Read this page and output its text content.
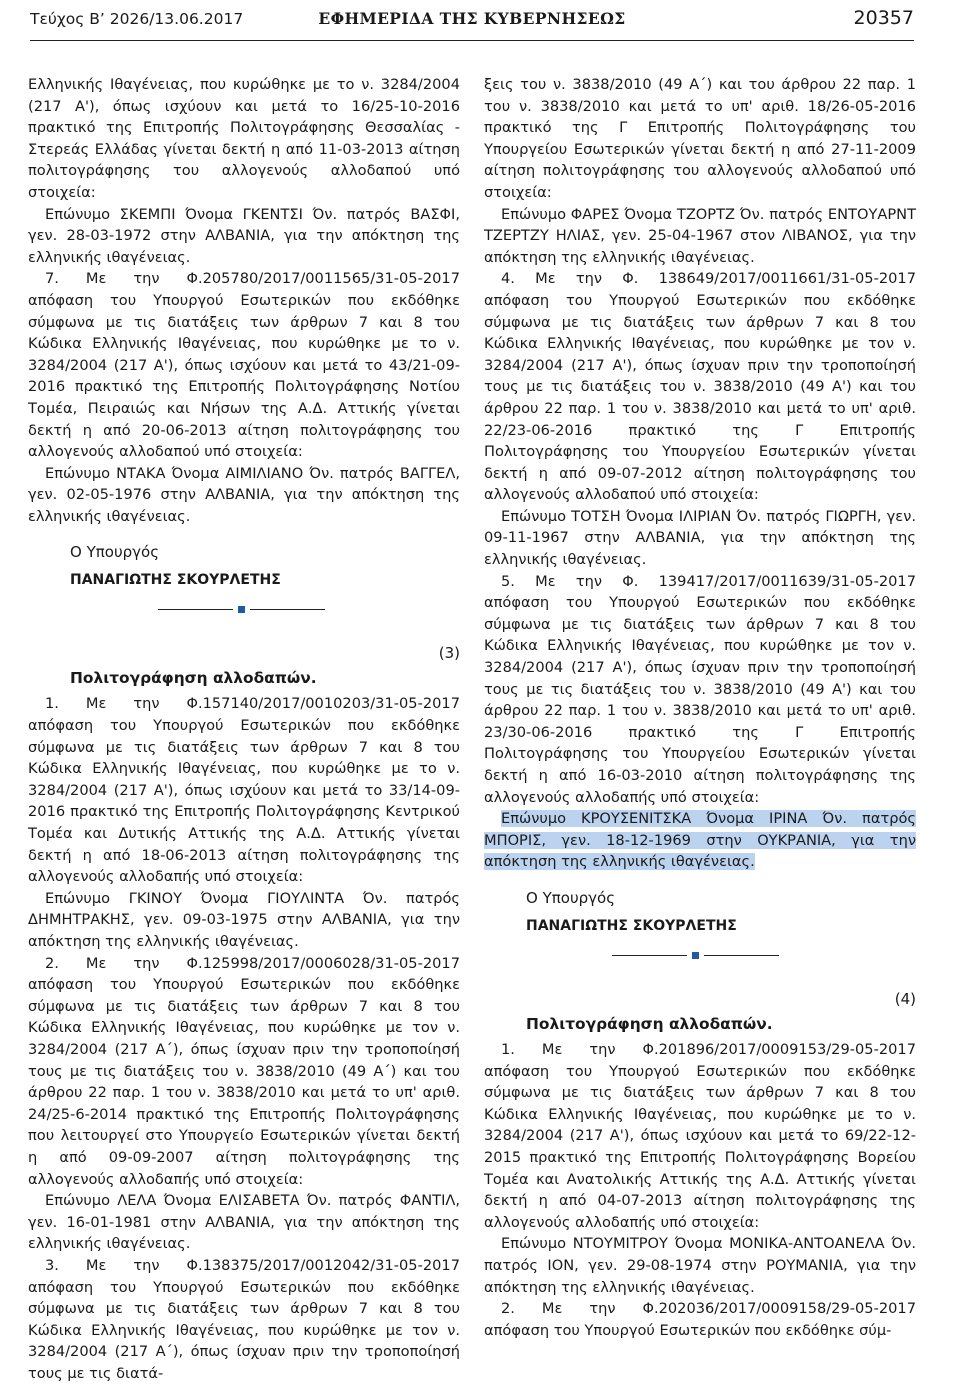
Τεύχος Β’ 2026/13.06.2017	ΕΦΗΜΕΡΙΔΑ ΤΗΣ ΚΥΒΕΡΝΗΣΕΩΣ	20357

Ελληνικής Ιθαγένειας, που κυρώθηκε με το ν. 3284/2004 (217 Α'), όπως ισχύουν και μετά το 16/25-10-2016 πρακτικό της Επιτροπής Πολιτογράφησης Θεσσαλίας - Στερεάς Ελλάδας γίνεται δεκτή η από 11-03-2013 αίτηση πολιτογράφησης του αλλογενούς αλλοδαπού υπό στοιχεία:

Επώνυμο ΣΚΕΜΠΙ Όνομα ΓΚΕΝΤΣΙ Όν. πατρός ΒΑΣΦΙ, γεν. 28-03-1972 στην ΑΛΒΑΝΙΑ, για την απόκτηση της ελληνικής ιθαγένειας.

7. Με την Φ.205780/2017/0011565/31-05-2017 απόφαση του Υπουργού Εσωτερικών που εκδόθηκε σύμφωνα με τις διατάξεις των άρθρων 7 και 8 του Κώδικα Ελληνικής Ιθαγένειας, που κυρώθηκε με το ν. 3284/2004 (217 Α'), όπως ισχύουν και μετά το 43/21-09-2016 πρακτικό της Επιτροπής Πολιτογράφησης Νοτίου Τομέα, Πειραιώς και Νήσων της Α.Δ. Αττικής γίνεται δεκτή η από 20-06-2013 αίτηση πολιτογράφησης του αλλογενούς αλλοδαπού υπό στοιχεία:

Επώνυμο ΝΤΑΚΑ Όνομα ΑΙΜΙΛΙΑΝΟ Όν. πατρός ΒΑΓΓΕΛ, γεν. 02-05-1976 στην ΑΛΒΑΝΙΑ, για την απόκτηση της ελληνικής ιθαγένειας.

Ο Υπουργός
ΠΑΝΑΓΙΩΤΗΣ ΣΚΟΥΡΛΕΤΗΣ
(3)
Πολιτογράφηση αλλοδαπών.

1. Με την Φ.157140/2017/0010203/31-05-2017 απόφαση του Υπουργού Εσωτερικών που εκδόθηκε σύμφωνα με τις διατάξεις των άρθρων 7 και 8 του Κώδικα Ελληνικής Ιθαγένειας, που κυρώθηκε με το ν. 3284/2004 (217 Α'), όπως ισχύουν και μετά το 33/14-09-2016 πρακτικό της Επιτροπής Πολιτογράφησης Κεντρικού Τομέα και Δυτικής Αττικής της Α.Δ. Αττικής γίνεται δεκτή η από 18-06-2013 αίτηση πολιτογράφησης της αλλογενούς αλλοδαπής υπό στοιχεία:

Επώνυμο ΓΚΙΝΟΥ Όνομα ΓΙΟΥΛΙΝΤΑ Όν. πατρός ΔΗΜΗΤΡΑΚΗΣ, γεν. 09-03-1975 στην ΑΛΒΑΝΙΑ, για την απόκτηση της ελληνικής ιθαγένειας.

2. Με την Φ.125998/2017/0006028/31-05-2017 απόφαση του Υπουργού Εσωτερικών που εκδόθηκε σύμφωνα με τις διατάξεις των άρθρων 7 και 8 του Κώδικα Ελληνικής Ιθαγένειας, που κυρώθηκε με τον ν. 3284/2004 (217 Α΄), όπως ίσχυαν πριν την τροποποίησή τους με τις διατάξεις του ν. 3838/2010 (49 Α΄) και του άρθρου 22 παρ. 1 του ν. 3838/2010 και μετά το υπ' αριθ. 24/25-6-2014 πρακτικό της Επιτροπής Πολιτογράφησης που λειτουργεί στο Υπουργείο Εσωτερικών γίνεται δεκτή η από 09-09-2007 αίτηση πολιτογράφησης της αλλογενούς αλλοδαπής υπό στοιχεία:

Επώνυμο ΛΕΛΑ Όνομα ΕΛΙΣΑΒΕΤΑ Όν. πατρός ΦΑΝΤΙΛ, γεν. 16-01-1981 στην ΑΛΒΑΝΙΑ, για την απόκτηση της ελληνικής ιθαγένειας.

3. Με την Φ.138375/2017/0012042/31-05-2017 απόφαση του Υπουργού Εσωτερικών που εκδόθηκε σύμφωνα με τις διατάξεις των άρθρων 7 και 8 του Κώδικα Ελληνικής Ιθαγένειας, που κυρώθηκε με τον ν. 3284/2004 (217 Α΄), όπως ίσχυαν πριν την τροποποίησή τους με τις διατά-

ξεις του ν. 3838/2010 (49 Α΄) και του άρθρου 22 παρ. 1 του ν. 3838/2010 και μετά το υπ' αριθ. 18/26-05-2016 πρακτικό της Γ Επιτροπής Πολιτογράφησης του Υπουργείου Εσωτερικών γίνεται δεκτή η από 27-11-2009 αίτηση πολιτογράφησης του αλλογενούς αλλοδαπού υπό στοιχεία:

Επώνυμο ΦΑΡΕΣ Όνομα ΤΖΟΡΤΖ Όν. πατρός ΕΝΤΟΥΑΡΝΤ ΤΖΕΡΤΖΥ ΗΛΙΑΣ, γεν. 25-04-1967 στον ΛΙΒΑΝΟΣ, για την απόκτηση της ελληνικής ιθαγένειας.

4. Με την Φ. 138649/2017/0011661/31-05-2017 απόφαση του Υπουργού Εσωτερικών που εκδόθηκε σύμφωνα με τις διατάξεις των άρθρων 7 και 8 του Κώδικα Ελληνικής Ιθαγένειας, που κυρώθηκε με τον ν. 3284/2004 (217 Α'), όπως ίσχυαν πριν την τροποποίησή τους με τις διατάξεις του ν. 3838/2010 (49 Α') και του άρθρου 22 παρ. 1 του ν. 3838/2010 και μετά το υπ' αριθ. 22/23-06-2016 πρακτικό της Γ Επιτροπής Πολιτογράφησης του Υπουργείου Εσωτερικών γίνεται δεκτή η από 09-07-2012 αίτηση πολιτογράφησης του αλλογενούς αλλοδαπού υπό στοιχεία:

Επώνυμο ΤΟΤΣΗ Όνομα ΙΛΙΡΙΑΝ Όν. πατρός ΓΙΩΡΓΗ, γεν. 09-11-1967 στην ΑΛΒΑΝΙΑ, για την απόκτηση της ελληνικής ιθαγένειας.

5. Με την Φ. 139417/2017/0011639/31-05-2017 απόφαση του Υπουργού Εσωτερικών που εκδόθηκε σύμφωνα με τις διατάξεις των άρθρων 7 και 8 του Κώδικα Ελληνικής Ιθαγένειας, που κυρώθηκε με τον ν. 3284/2004 (217 Α'), όπως ίσχυαν πριν την τροποποίησή τους με τις διατάξεις του ν. 3838/2010 (49 Α') και του άρθρου 22 παρ. 1 του ν. 3838/2010 και μετά το υπ' αριθ. 23/30-06-2016 πρακτικό της Γ Επιτροπής Πολιτογράφησης του Υπουργείου Εσωτερικών γίνεται δεκτή η από 16-03-2010 αίτηση πολιτογράφησης της αλλογενούς αλλοδαπής υπό στοιχεία:

Επώνυμο ΚΡΟΥΣΕΝΙΤΣΚΑ Όνομα ΙΡΙΝΑ Όν. πατρός ΜΠΟΡΙΣ, γεν. 18-12-1969 στην ΟΥΚΡΑΝΙΑ, για την απόκτηση της ελληνικής ιθαγένειας.

Ο Υπουργός
ΠΑΝΑΓΙΩΤΗΣ ΣΚΟΥΡΛΕΤΗΣ
(4)
Πολιτογράφηση αλλοδαπών.

1. Με την Φ.201896/2017/0009153/29-05-2017 απόφαση του Υπουργού Εσωτερικών που εκδόθηκε σύμφωνα με τις διατάξεις των άρθρων 7 και 8 του Κώδικα Ελληνικής Ιθαγένειας, που κυρώθηκε με το ν. 3284/2004 (217 Α'), όπως ισχύουν και μετά το 69/22-12-2015 πρακτικό της Επιτροπής Πολιτογράφησης Βορείου Τομέα και Ανατολικής Αττικής της Α.Δ. Αττικής γίνεται δεκτή η από 04-07-2013 αίτηση πολιτογράφησης της αλλογενούς αλλοδαπής υπό στοιχεία:

Επώνυμο ΝΤΟΥΜΙΤΡΟΥ Όνομα ΜΟΝΙΚΑ-ΑΝΤΟΑΝΕΛΑ Όν. πατρός ΙΟΝ, γεν. 29-08-1974 στην ΡΟΥΜΑΝΙΑ, για την απόκτηση της ελληνικής ιθαγένειας.

2. Με την Φ.202036/2017/0009158/29-05-2017 απόφαση του Υπουργού Εσωτερικών που εκδόθηκε σύμ-
